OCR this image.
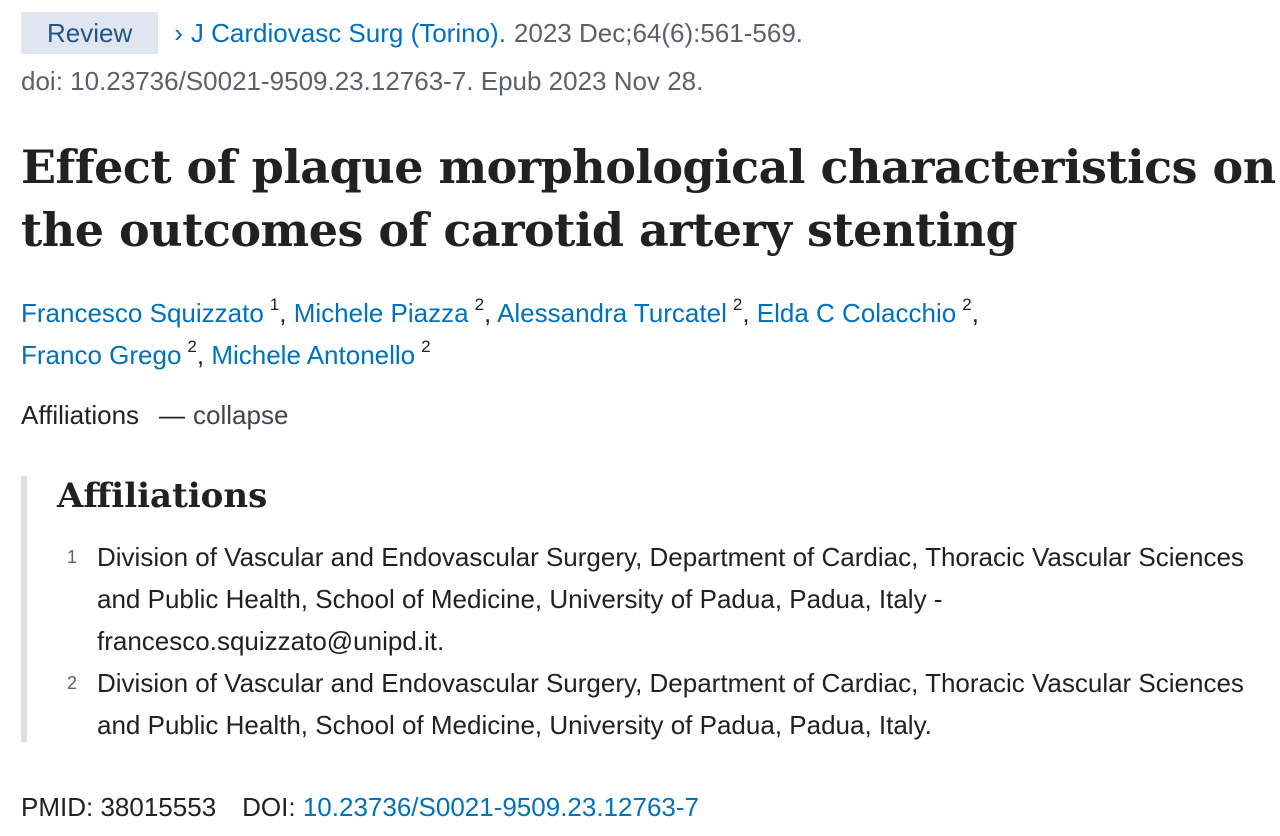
Review	› J Cardiovasc Surg (Torino). 2023 Dec;64(6):561-569.
doi: 10.23736/S0021-9509.23.12763-7. Epub 2023 Nov 28.
Effect of plaque morphological characteristics on the outcomes of carotid artery stenting
Francesco Squizzato $^1$, Michele Piazza $^2$, Alessandra Turcatel $^2$, Elda C Colacchio $^2$,
Franco Grego $^2$, Michele Antonello $^2$
Affiliations — collapse
Affiliations
1 Division of Vascular and Endovascular Surgery, Department of Cardiac, Thoracic Vascular Sciences and Public Health, School of Medicine, University of Padua, Padua, Italy - francesco.squizzato@unipd.it.
2 Division of Vascular and Endovascular Surgery, Department of Cardiac, Thoracic Vascular Sciences and Public Health, School of Medicine, University of Padua, Padua, Italy.
PMID: 38015553 DOI: 10.23736/S0021-9509.23.12763-7
